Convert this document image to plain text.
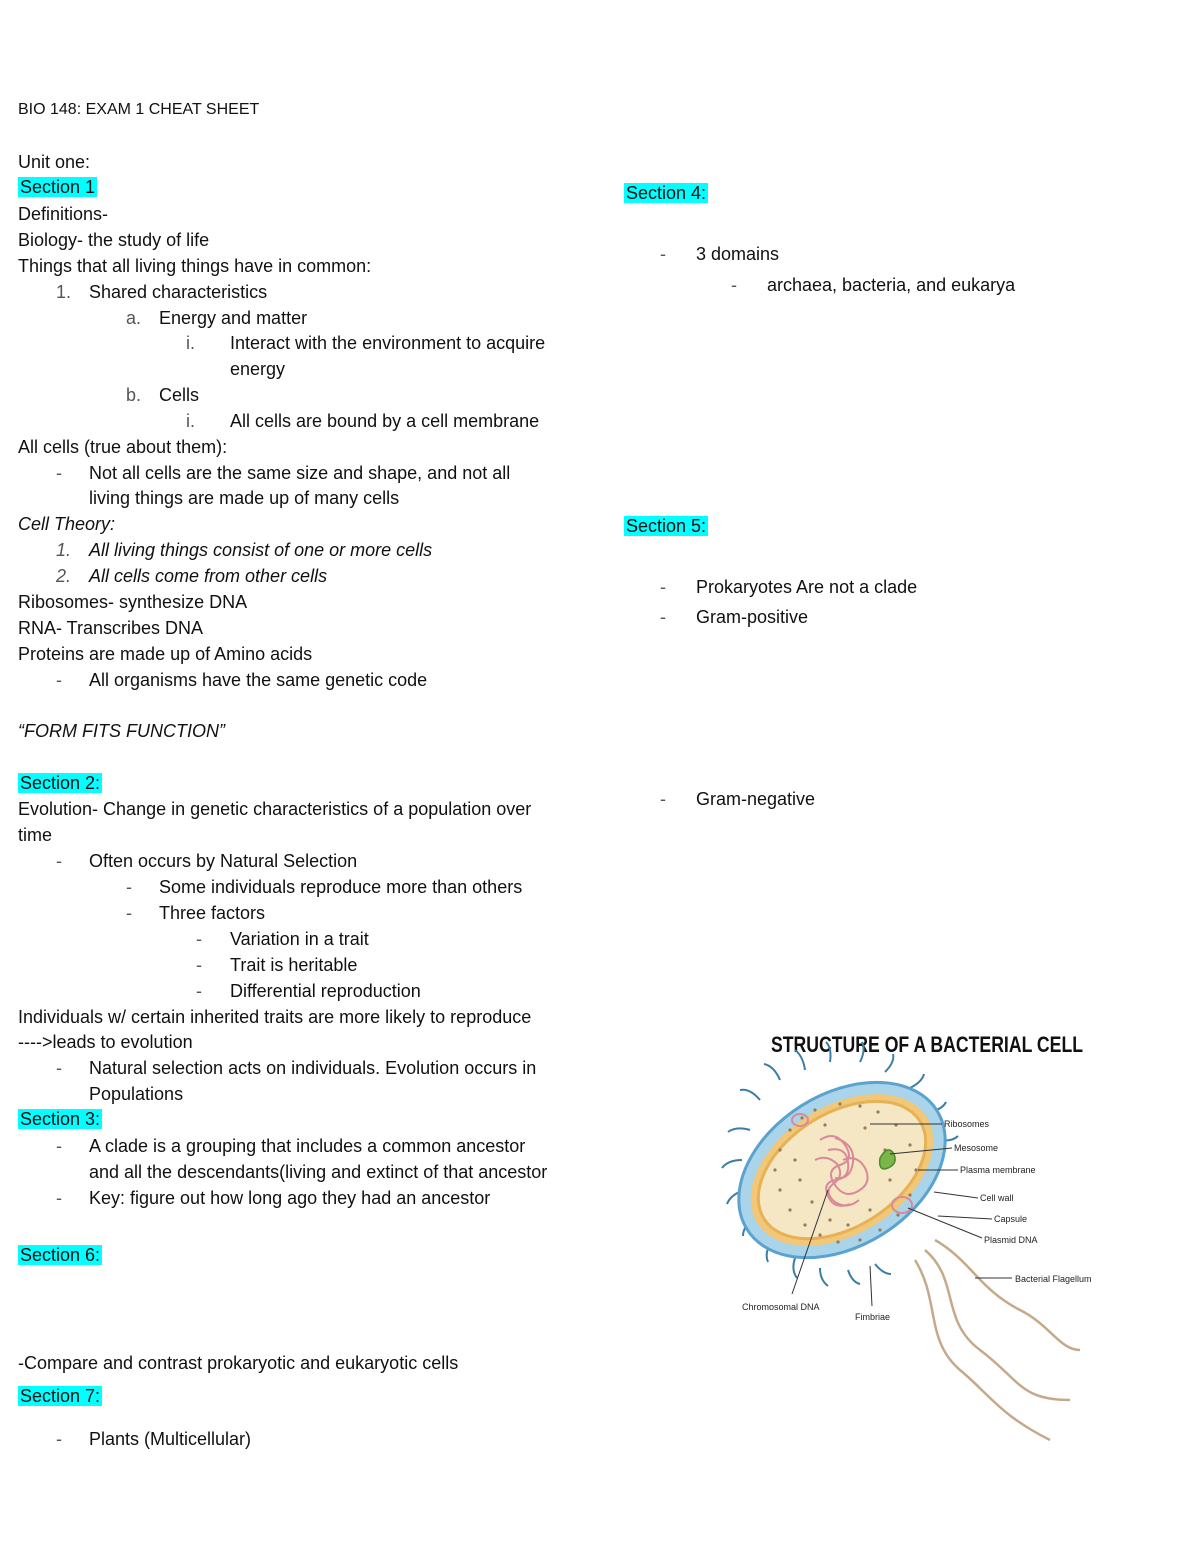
BIO 148: EXAM 1 CHEAT SHEET
Unit one:
Section 1
Definitions-
Biology- the study of life
Things that all living things have in common:
1. Shared characteristics
a. Energy and matter
i. Interact with the environment to acquire
energy
b. Cells
i. All cells are bound by a cell membrane
All cells (true about them):
- Not all cells are the same size and shape, and not all
living things are made up of many cells
Cell Theory:
1. All living things consist of one or more cells
2. All cells come from other cells
Ribosomes- synthesize DNA
RNA- Transcribes DNA
Proteins are made up of Amino acids
- All organisms have the same genetic code
“FORM FITS FUNCTION”
Section 2:
Evolution- Change in genetic characteristics of a population over
time
- Often occurs by Natural Selection
- Some individuals reproduce more than others
- Three factors
- Variation in a trait
- Trait is heritable
- Differential reproduction
Individuals w/ certain inherited traits are more likely to reproduce
---->leads to evolution
- Natural selection acts on individuals. Evolution occurs in
Populations
Section 3:
- A clade is a grouping that includes a common ancestor
and all the descendants(living and extinct of that ancestor
- Key: figure out how long ago they had an ancestor
Section 6:
-Compare and contrast prokaryotic and eukaryotic cells
Section 7:
- Plants (Multicellular)
Section 4:
- 3 domains
- archaea, bacteria, and eukarya
Section 5:
- Prokaryotes Are not a clade
- Gram-positive
- Gram-negative
STRUCTURE OF A BACTERIAL CELL
Ribosomes
Mesosome
Plasma membrane
Cell wall
Capsule
Plasmid DNA
Bacterial Flagellum
Chromosomal DNA
Fimbriae
